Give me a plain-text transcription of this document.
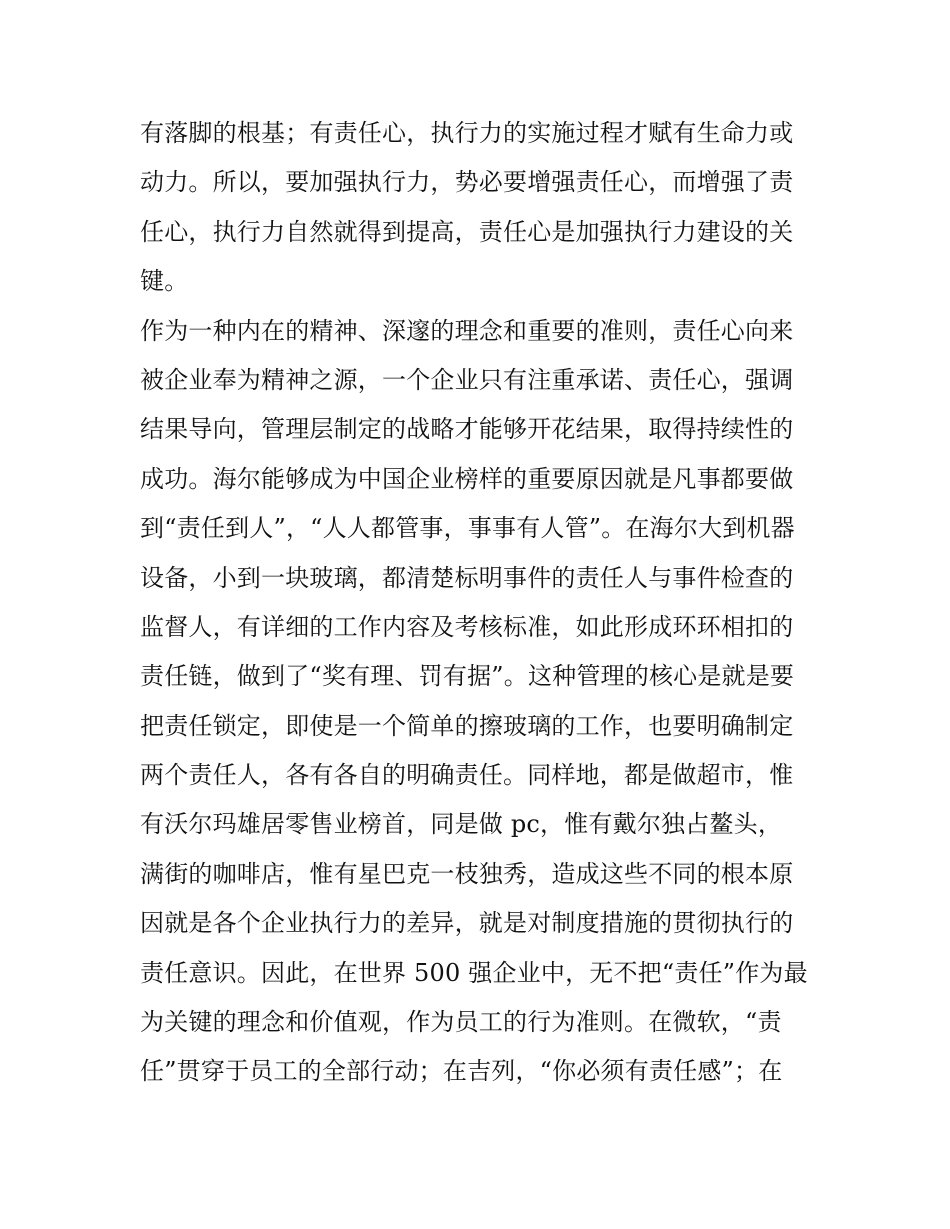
有落脚的根基；有责任心，执行力的实施过程才赋有生命力或
动力。所以，要加强执行力，势必要增强责任心，而增强了责
任心，执行力自然就得到提高，责任心是加强执行力建设的关
键。
作为一种内在的精神、深邃的理念和重要的准则，责任心向来
被企业奉为精神之源，一个企业只有注重承诺、责任心，强调
结果导向，管理层制定的战略才能够开花结果，取得持续性的
成功。海尔能够成为中国企业榜样的重要原因就是凡事都要做
到“责任到人”，“人人都管事，事事有人管”。在海尔大到机器
设备，小到一块玻璃，都清楚标明事件的责任人与事件检查的
监督人，有详细的工作内容及考核标准，如此形成环环相扣的
责任链，做到了“奖有理、罚有据”。这种管理的核心是就是要
把责任锁定，即使是一个简单的擦玻璃的工作，也要明确制定
两个责任人，各有各自的明确责任。同样地，都是做超市，惟
有沃尔玛雄居零售业榜首，同是做 pc，惟有戴尔独占鳌头，
满街的咖啡店，惟有星巴克一枝独秀，造成这些不同的根本原
因就是各个企业执行力的差异，就是对制度措施的贯彻执行的
责任意识。因此，在世界 500 强企业中，无不把“责任”作为最
为关键的理念和价值观，作为员工的行为准则。在微软，“责
任”贯穿于员工的全部行动；在吉列，“你必须有责任感”；在
